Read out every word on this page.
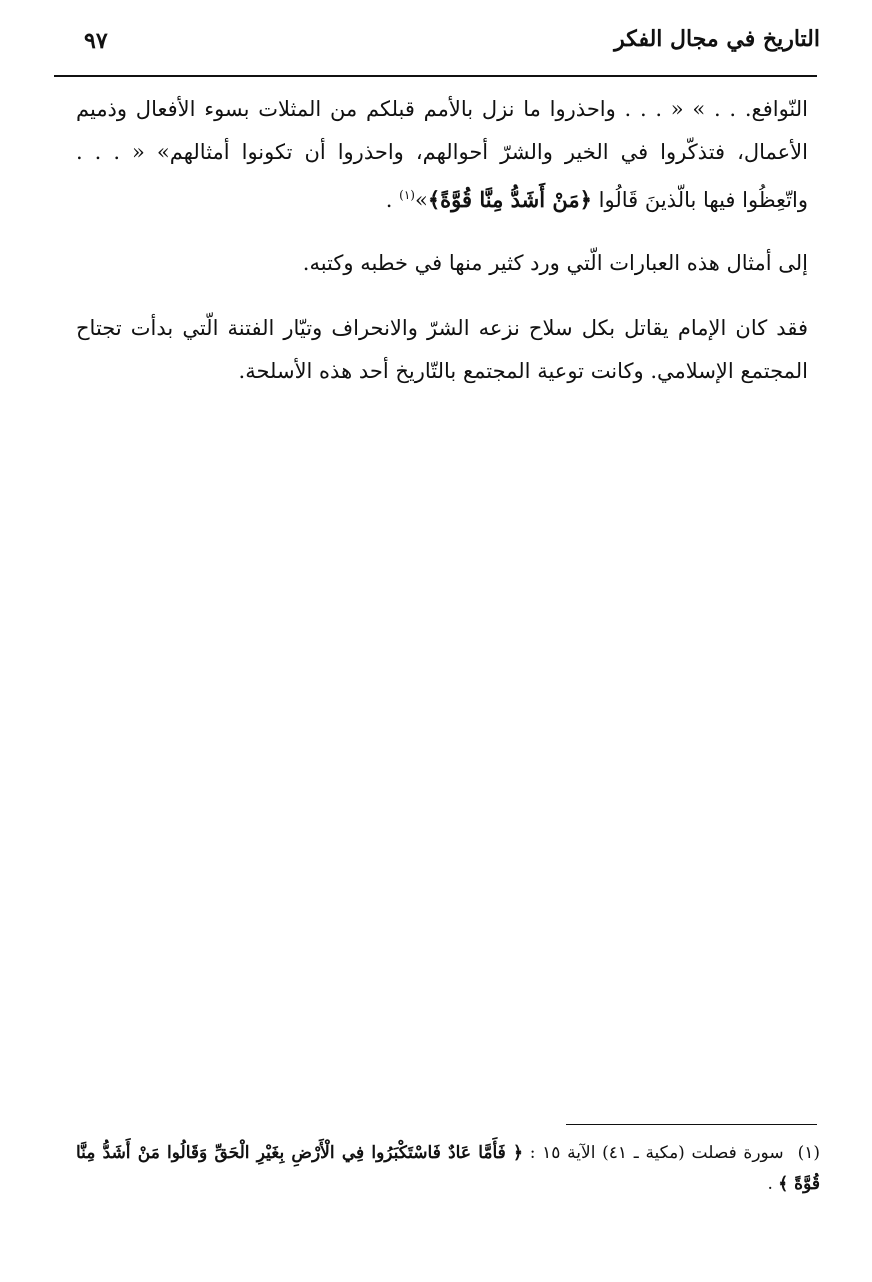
التاريخ في مجال الفكر
٩٧

النّوافع. . . » « . . . واحذروا ما نزل بالأمم قبلكم من المثلات بسوء الأفعال وذميم الأعمال، فتذكّروا في الخير والشرّ أحوالهم، واحذروا أن تكونوا أمثالهم» « . . . واتّعِظُوا فيها بالّذينَ قَالُوا ﴿مَنْ أَشَدُّ مِنَّا قُوَّةً﴾»$^{(١)}$ .

إلى أمثال هذه العبارات الّتي ورد كثير منها في خطبه وكتبه.

فقد كان الإمام يقاتل بكل سلاح نزعه الشرّ والانحراف وتيّار الفتنة الّتي بدأت تجتاح المجتمع الإسلامي. وكانت توعية المجتمع بالتّاريخ أحد هذه الأسلحة.

(١)سورة فصلت (مكية ـ ٤١) الآية ١٥ : ﴿ فَأَمَّا عَادٌ فَاسْتَكْبَرُوا فِي الْأَرْضِ بِغَيْرِ الْحَقِّ وَقَالُوا مَنْ أَشَدُّ مِنَّا قُوَّةً ﴾ .
